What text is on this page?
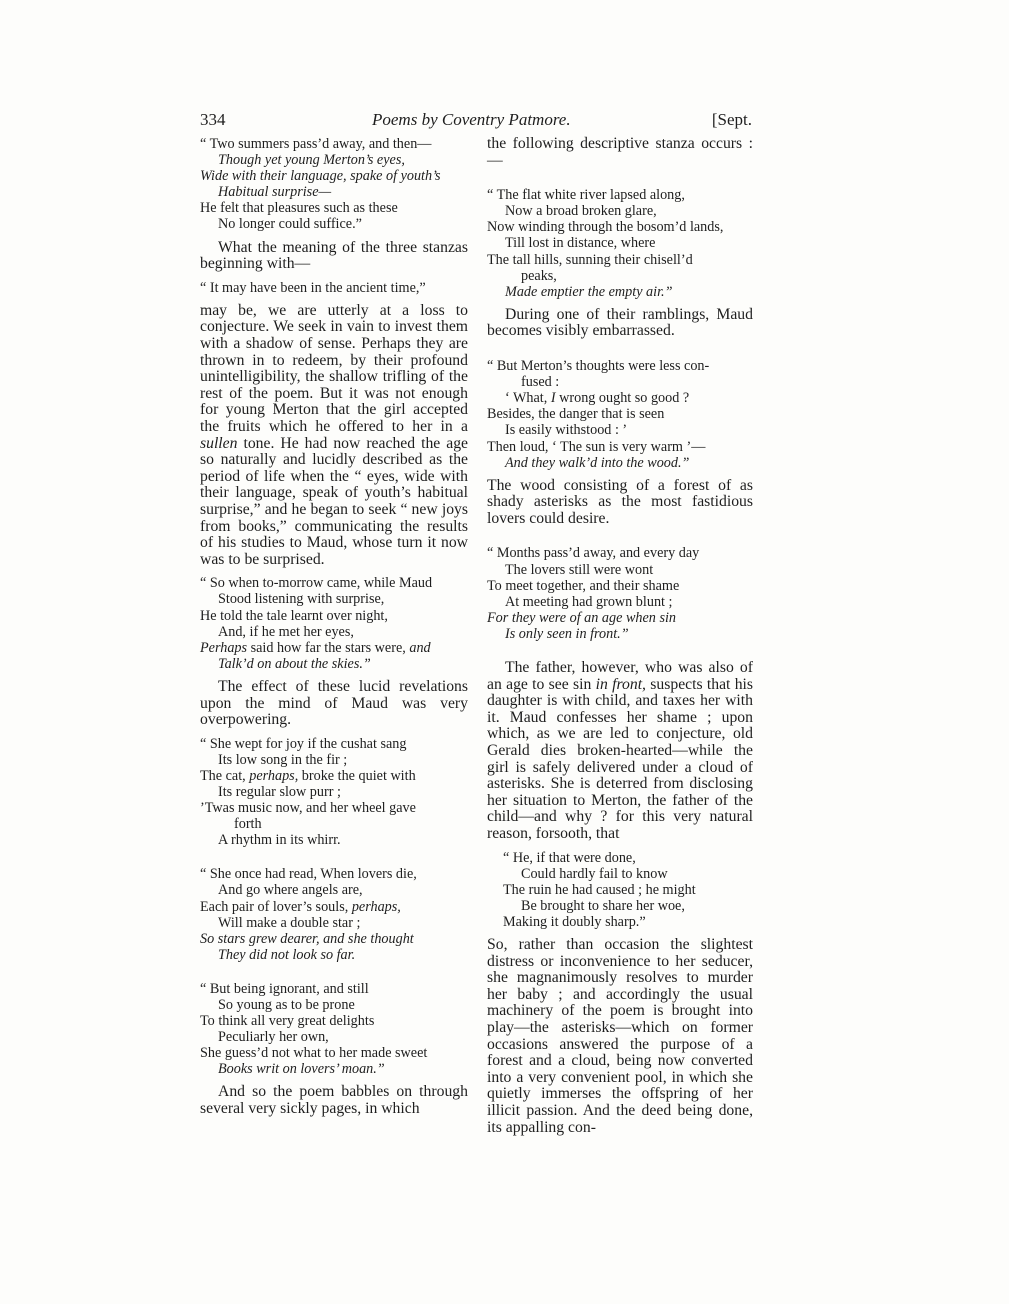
334	Poems by Coventry Patmore.	[Sept.
“ Two summers pass’d away, and then—
Though yet young Merton’s eyes,
Wide with their language, spake of youth’s
Habitual surprise—
He felt that pleasures such as these
No longer could suffice.”

What the meaning of the three stanzas beginning with—

“ It may have been in the ancient time,”

may be, we are utterly at a loss to conjecture. We seek in vain to invest them with a shadow of sense. Perhaps they are thrown in to redeem, by their profound unintelligibility, the shallow trifling of the rest of the poem. But it was not enough for young Merton that the girl accepted the fruits which he offered to her in a sullen tone. He had now reached the age so naturally and lucidly described as the period of life when the “ eyes, wide with their language, speak of youth’s habitual surprise,” and he began to seek “ new joys from books,” communicating the results of his studies to Maud, whose turn it now was to be surprised.

“ So when to-morrow came, while Maud
Stood listening with surprise,
He told the tale learnt over night,
And, if he met her eyes,
Perhaps said how far the stars were, and
Talk’d on about the skies.”

The effect of these lucid revelations upon the mind of Maud was very overpowering.

“ She wept for joy if the cushat sang
Its low song in the fir ;
The cat, perhaps, broke the quiet with
Its regular slow purr ;
’Twas music now, and her wheel gave
forth
A rhythm in its whirr.
“ She once had read, When lovers die,
And go where angels are,
Each pair of lover’s souls, perhaps,
Will make a double star ;
So stars grew dearer, and she thought
They did not look so far.
“ But being ignorant, and still
So young as to be prone
To think all very great delights
Peculiarly her own,
She guess’d not what to her made sweet
Books writ on lovers’ moan.”

And so the poem babbles on through several very sickly pages, in which

the following descriptive stanza occurs :—

“ The flat white river lapsed along,
Now a broad broken glare,
Now winding through the bosom’d lands,
Till lost in distance, where
The tall hills, sunning their chisell’d
peaks,
Made emptier the empty air.”

During one of their ramblings, Maud becomes visibly embarrassed.

“ But Merton’s thoughts were less con-
fused :
‘ What, I wrong ought so good ?
Besides, the danger that is seen
Is easily withstood : ’
Then loud, ‘ The sun is very warm ’—
And they walk’d into the wood.”

The wood consisting of a forest of as shady asterisks as the most fastidious lovers could desire.

“ Months pass’d away, and every day
The lovers still were wont
To meet together, and their shame
At meeting had grown blunt ;
For they were of an age when sin
Is only seen in front.”

The father, however, who was also of an age to see sin in front, suspects that his daughter is with child, and taxes her with it. Maud confesses her shame ; upon which, as we are led to conjecture, old Gerald dies broken-hearted—while the girl is safely delivered under a cloud of asterisks. She is deterred from disclosing her situation to Merton, the father of the child—and why ? for this very natural reason, forsooth, that

“ He, if that were done,
Could hardly fail to know
The ruin he had caused ; he might
Be brought to share her woe,
Making it doubly sharp.”

So, rather than occasion the slightest distress or inconvenience to her seducer, she magnanimously resolves to murder her baby ; and accordingly the usual machinery of the poem is brought into play—the asterisks—which on former occasions answered the purpose of a forest and a cloud, being now converted into a very convenient pool, in which she quietly immerses the offspring of her illicit passion. And the deed being done, its appalling con-
